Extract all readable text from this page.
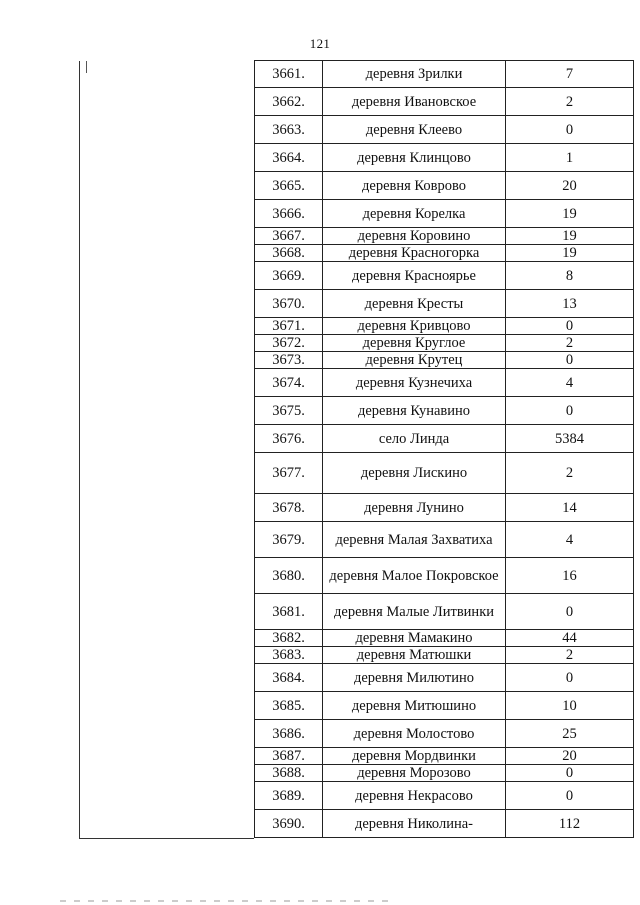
121
3661.	деревня Зрилки	7
3662.	деревня Ивановское	2
3663.	деревня Клеево	0
3664.	деревня Клинцово	1
3665.	деревня Коврово	20
3666.	деревня Корелка	19
3667.	деревня Коровино	19
3668.	деревня Красногорка	19
3669.	деревня Красноярье	8
3670.	деревня Кресты	13
3671.	деревня Кривцово	0
3672.	деревня Круглое	2
3673.	деревня Крутец	0
3674.	деревня Кузнечиха	4
3675.	деревня Кунавино	0
3676.	село Линда	5384
3677.	деревня Лискино	2
3678.	деревня Лунино	14
3679.	деревня Малая Захватиха	4
3680.	деревня Малое Покровское	16
3681.	деревня Малые Литвинки	0
3682.	деревня Мамакино	44
3683.	деревня Матюшки	2
3684.	деревня Милютино	0
3685.	деревня Митюшино	10
3686.	деревня Молостово	25
3687.	деревня Мордвинки	20
3688.	деревня Морозово	0
3689.	деревня Некрасово	0
3690.	деревня Николина-	112
